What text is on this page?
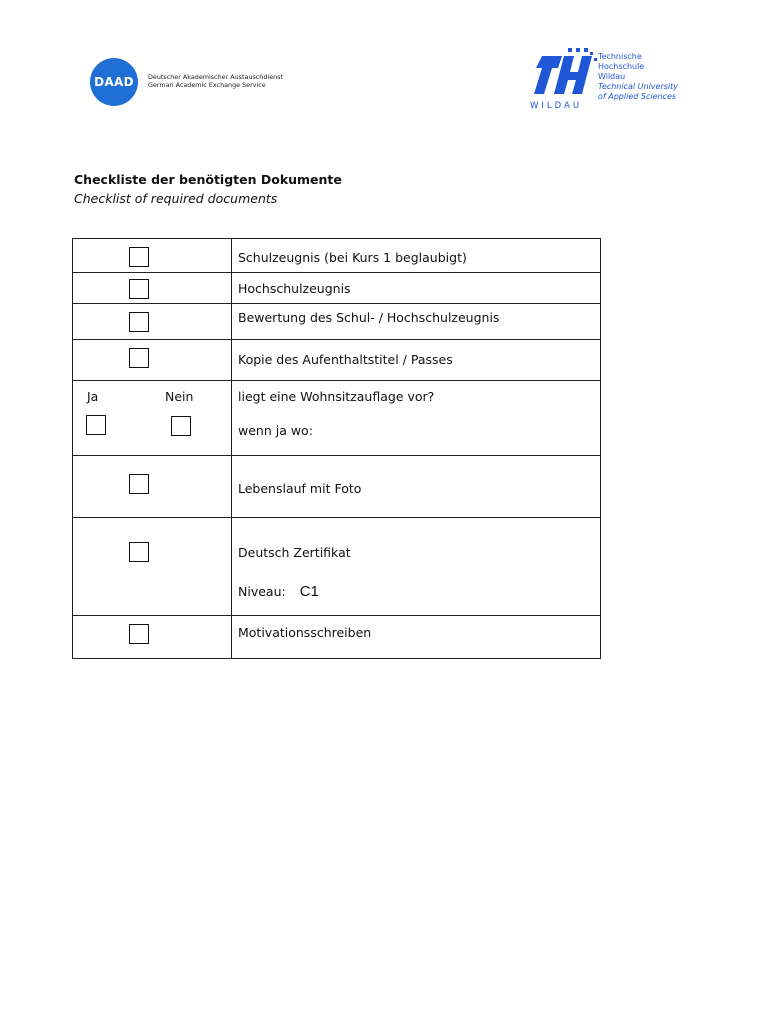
DAAD	Deutscher Akademischer Austauschdienst
German Academic Exchange Service
WILDAU
Technische
Hochschule
Wildau
Technical University
of Applied Sciences
Checkliste der benötigten Dokumente
Checklist of required documents

	Schulzeugnis (bei Kurs 1 beglaubigt)

	Hochschulzeugnis

	Bewertung des Schul- / Hochschulzeugnis

	Kopie des Aufenthaltstitel / Passes

Ja Nein	liegt eine Wohnsitzauflage vor?
wenn ja wo:

	Lebenslauf mit Foto

	Deutsch Zertifikat
Niveau: C1

	Motivationsschreiben
